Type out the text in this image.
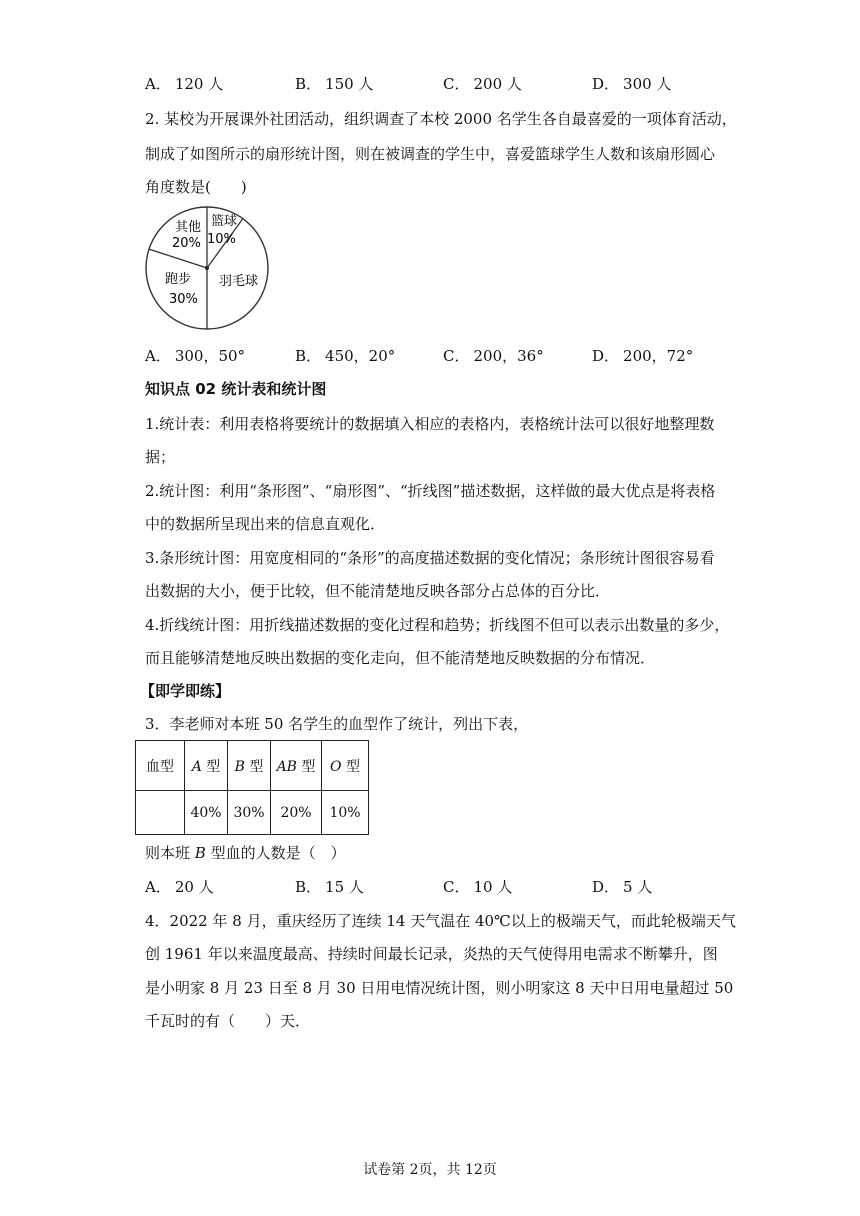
A． 120 人	B． 150 人	C． 200 人	D． 300 人
2. 某校为开展课外社团活动，组织调查了本校 2000 名学生各自最喜爱的一项体育活动，
制成了如图所示的扇形统计图，则在被调查的学生中，喜爱篮球学生人数和该扇形圆心
角度数是(　　)
其他
20%
篮球
10%
羽毛球
跑步
30%
A． 300，50°	B． 450，20°	C． 200，36°	D． 200，72°
知识点 02 统计表和统计图
1.统计表：利用表格将要统计的数据填入相应的表格内，表格统计法可以很好地整理数
据；
2.统计图：利用“条形图”、“扇形图”、“折线图”描述数据，这样做的最大优点是将表格
中的数据所呈现出来的信息直观化．
3.条形统计图：用宽度相同的“条形”的高度描述数据的变化情况；条形统计图很容易看
出数据的大小，便于比较，但不能清楚地反映各部分占总体的百分比．
4.折线统计图：用折线描述数据的变化过程和趋势；折线图不但可以表示出数量的多少，
而且能够清楚地反映出数据的变化走向，但不能清楚地反映数据的分布情况．
【即学即练】
3．李老师对本班 50 名学生的血型作了统计，列出下表，
血型	A 型	B 型	AB 型	O 型
	40%	30%	20%	10%
则本班 B 型血的人数是（　）
A． 20 人	B． 15 人	C． 10 人	D． 5 人
4．2022 年 8 月，重庆经历了连续 14 天气温在 40℃以上的极端天气，而此轮极端天气
创 1961 年以来温度最高、持续时间最长记录，炎热的天气使得用电需求不断攀升，图
是小明家 8 月 23 日至 8 月 30 日用电情况统计图，则小明家这 8 天中日用电量超过 50
千瓦时的有（　　）天．
试卷第 2页，共 12页
